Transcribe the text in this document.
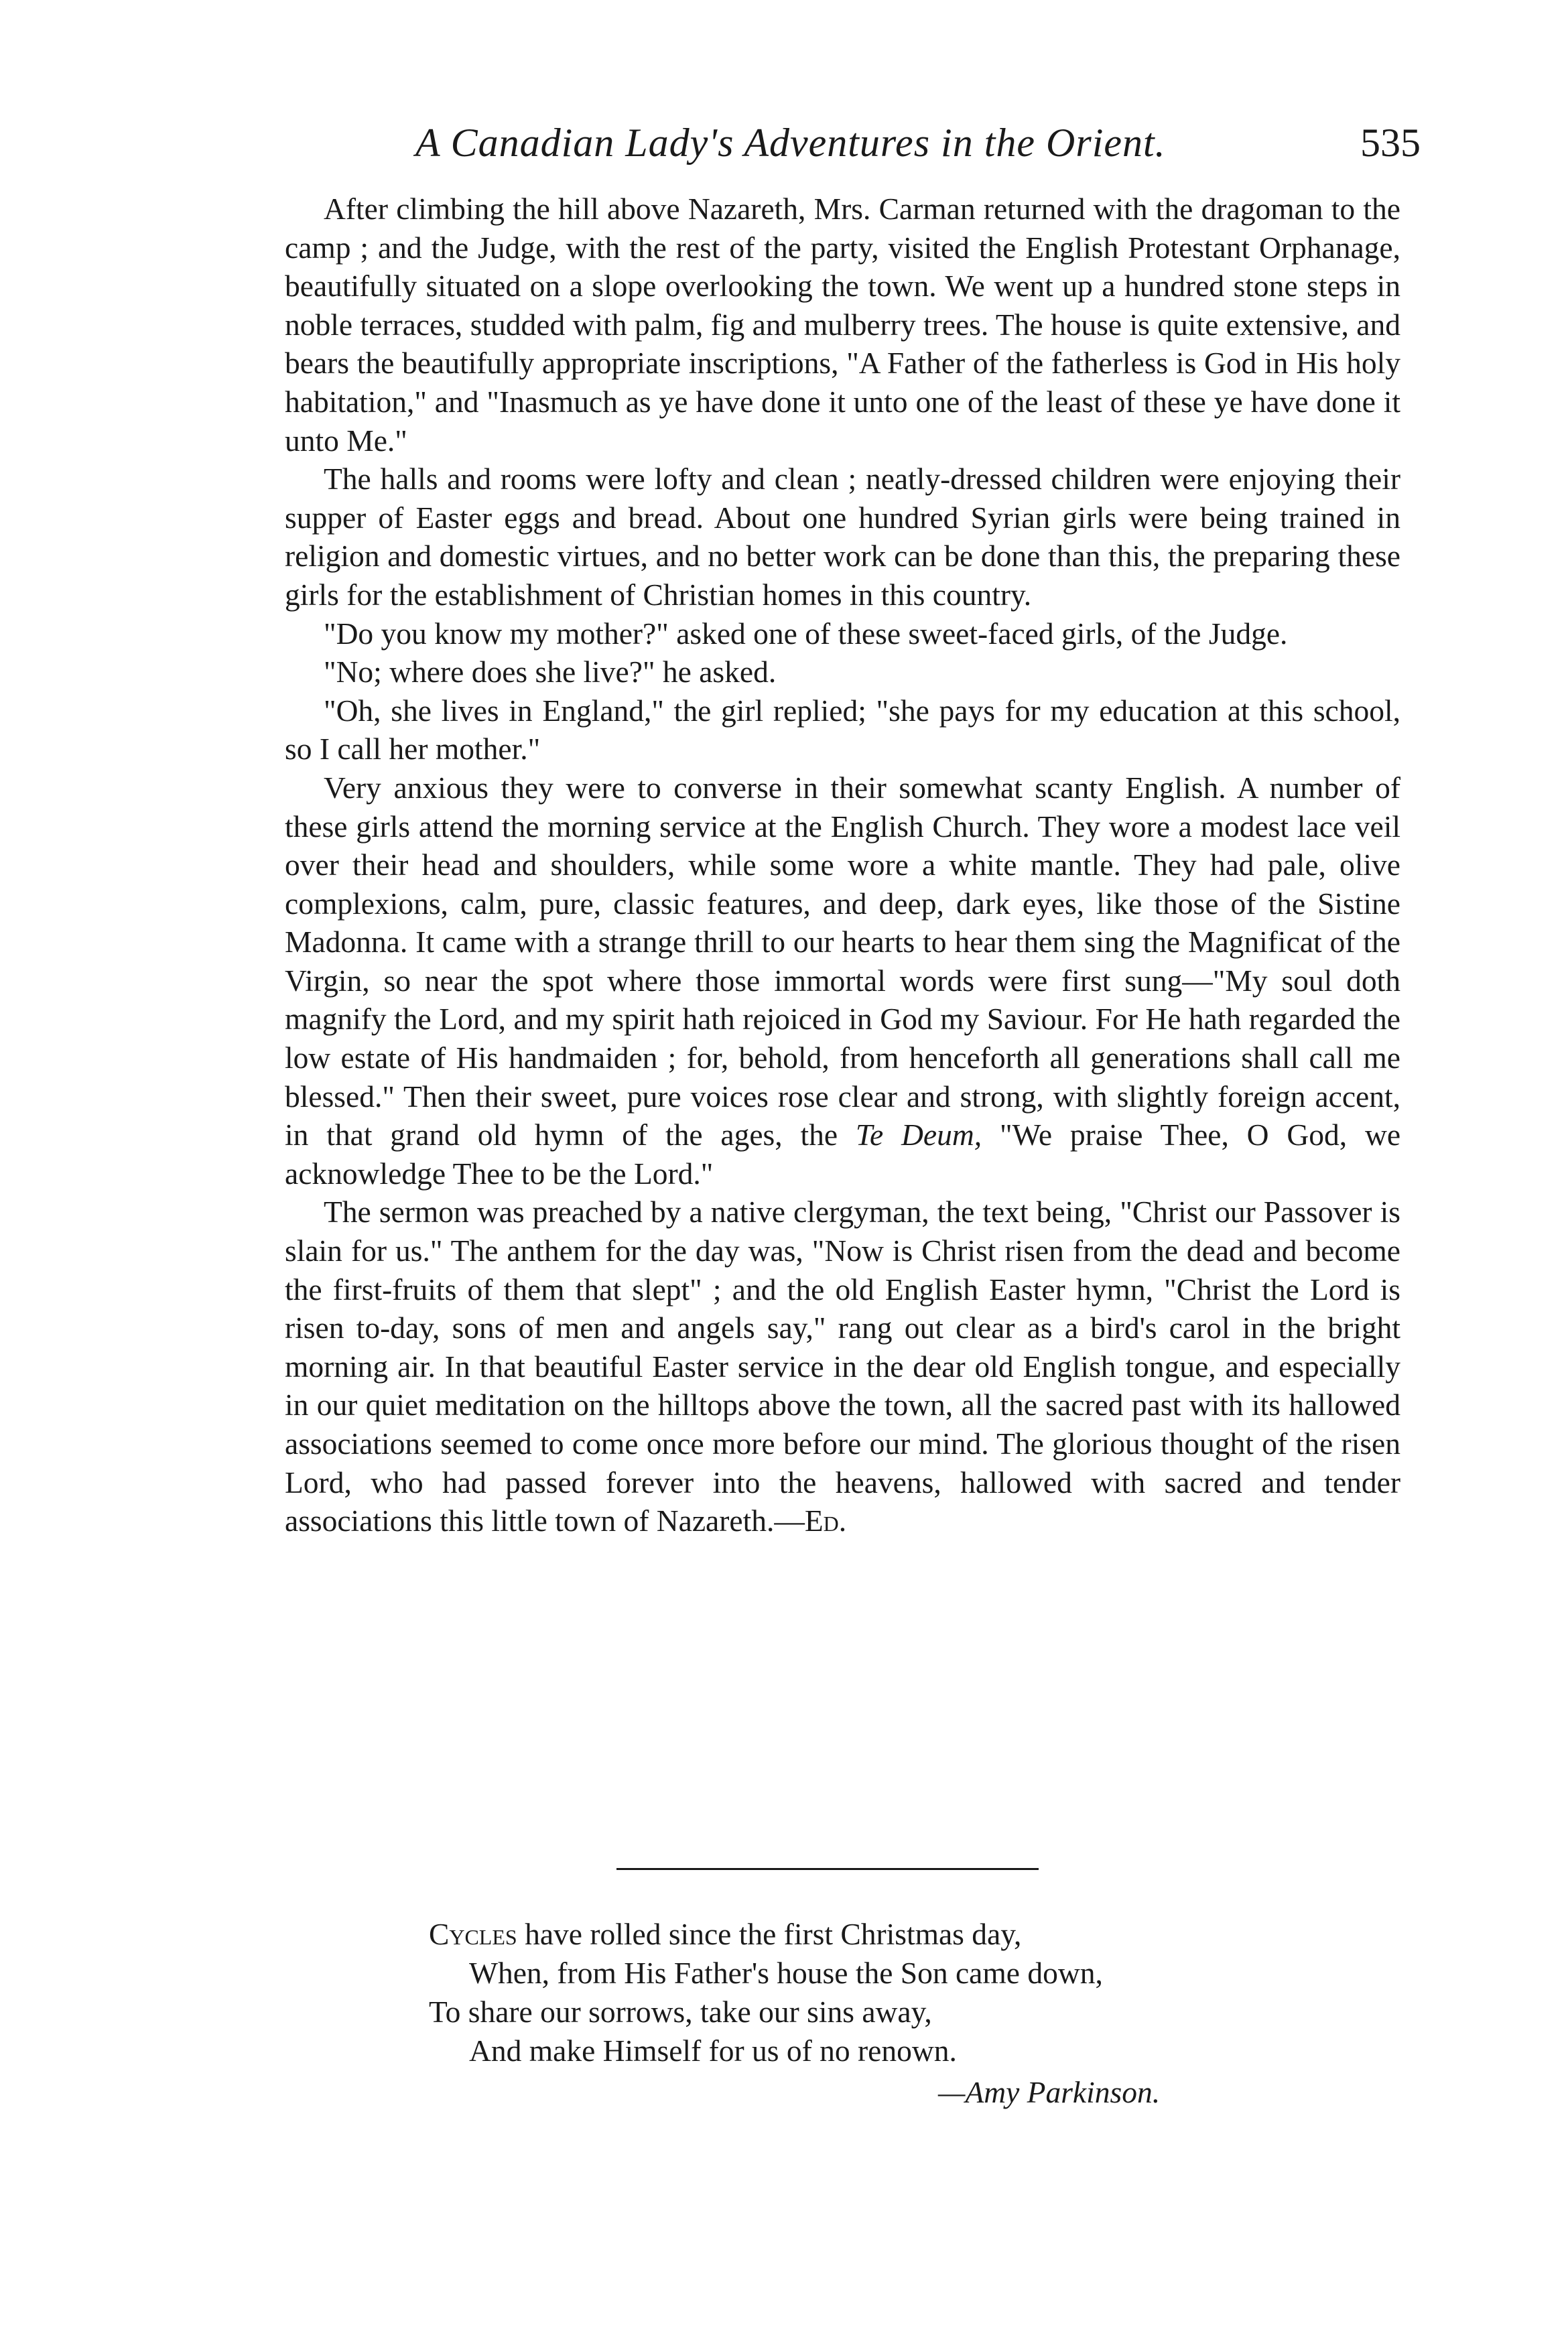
A Canadian Lady's Adventures in the Orient.	535

After climbing the hill above Nazareth, Mrs. Carman returned with the dragoman to the camp ; and the Judge, with the rest of the party, visited the English Protestant Orphanage, beautifully situated on a slope overlooking the town. We went up a hundred stone steps in noble terraces, studded with palm, fig and mulberry trees. The house is quite extensive, and bears the beautifully appropriate inscriptions, "A Father of the fatherless is God in His holy habitation," and "Inasmuch as ye have done it unto one of the least of these ye have done it unto Me."

The halls and rooms were lofty and clean ; neatly-dressed children were enjoying their supper of Easter eggs and bread. About one hundred Syrian girls were being trained in religion and domestic virtues, and no better work can be done than this, the preparing these girls for the establishment of Christian homes in this country.

"Do you know my mother?" asked one of these sweet-faced girls, of the Judge.

"No; where does she live?" he asked.

"Oh, she lives in England," the girl replied; "she pays for my education at this school, so I call her mother."

Very anxious they were to converse in their somewhat scanty English. A number of these girls attend the morning service at the English Church. They wore a modest lace veil over their head and shoulders, while some wore a white mantle. They had pale, olive complexions, calm, pure, classic features, and deep, dark eyes, like those of the Sistine Madonna. It came with a strange thrill to our hearts to hear them sing the Magnificat of the Virgin, so near the spot where those immortal words were first sung—"My soul doth magnify the Lord, and my spirit hath rejoiced in God my Saviour. For He hath regarded the low estate of His handmaiden ; for, behold, from henceforth all generations shall call me blessed." Then their sweet, pure voices rose clear and strong, with slightly foreign accent, in that grand old hymn of the ages, the Te Deum, "We praise Thee, O God, we acknowledge Thee to be the Lord."

The sermon was preached by a native clergyman, the text being, "Christ our Passover is slain for us." The anthem for the day was, "Now is Christ risen from the dead and become the first-fruits of them that slept" ; and the old English Easter hymn, "Christ the Lord is risen to-day, sons of men and angels say," rang out clear as a bird's carol in the bright morning air. In that beautiful Easter service in the dear old English tongue, and especially in our quiet meditation on the hilltops above the town, all the sacred past with its hallowed associations seemed to come once more before our mind. The glorious thought of the risen Lord, who had passed forever into the heavens, hallowed with sacred and tender associations this little town of Nazareth.—Ed.

Cycles have rolled since the first Christmas day,

When, from His Father's house the Son came down,

To share our sorrows, take our sins away,

And make Himself for us of no renown.

—Amy Parkinson.
